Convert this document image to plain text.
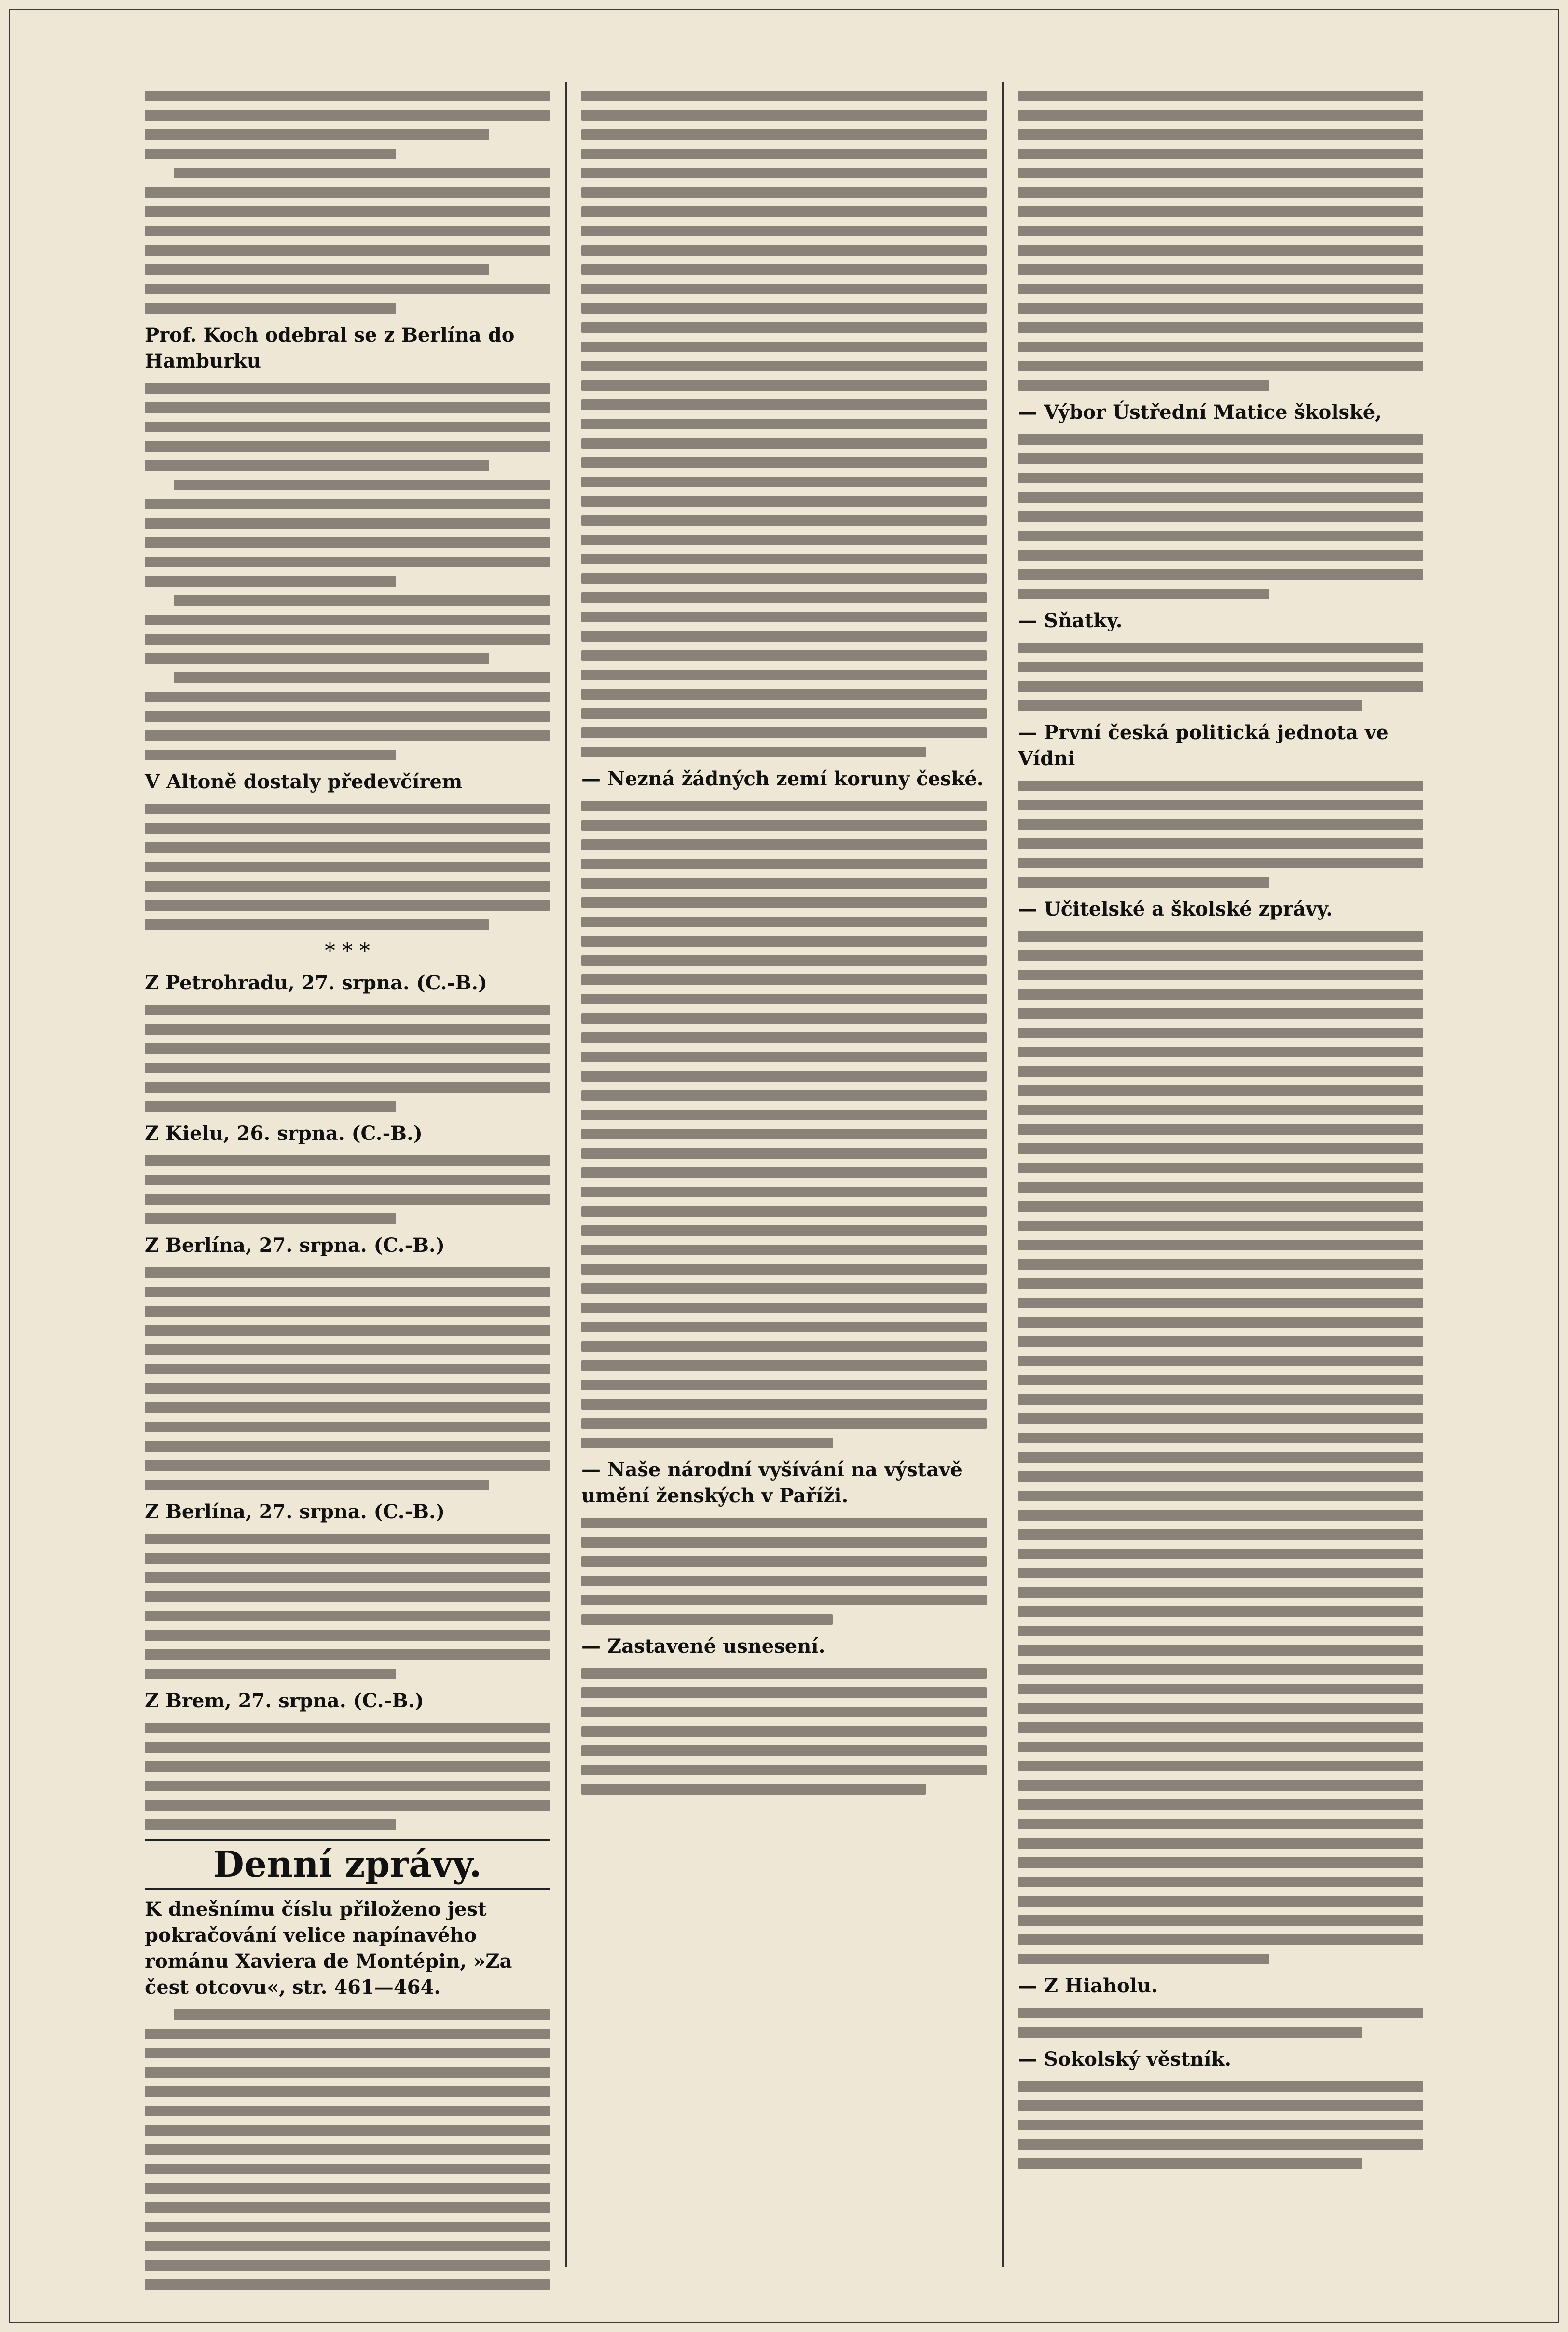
Prof. Koch odebral se z Berlína do Hamburku
V Altoně dostaly předevčírem
* * *
Z Petrohradu, 27. srpna. (C.-B.)
Z Kielu, 26. srpna. (C.-B.)
Z Berlína, 27. srpna. (C.-B.)
Z Berlína, 27. srpna. (C.-B.)
Z Brem, 27. srpna. (C.-B.)
Denní zprávy.
K dnešnímu číslu přiloženo jest pokračování velice napínavého románu Xaviera de Montépin, »Za čest otcovu«, str. 461—464.
— Nezná žádných zemí koruny české.
— Naše národní vyšívání na výstavě umění ženských v Paříži.
— Zastavené usnesení.
— Výbor Ústřední Matice školské,
— Sňatky.
— První česká politická jednota ve Vídni
— Učitelské a školské zprávy.
— Z Hiaholu.
— Sokolský věstník.
